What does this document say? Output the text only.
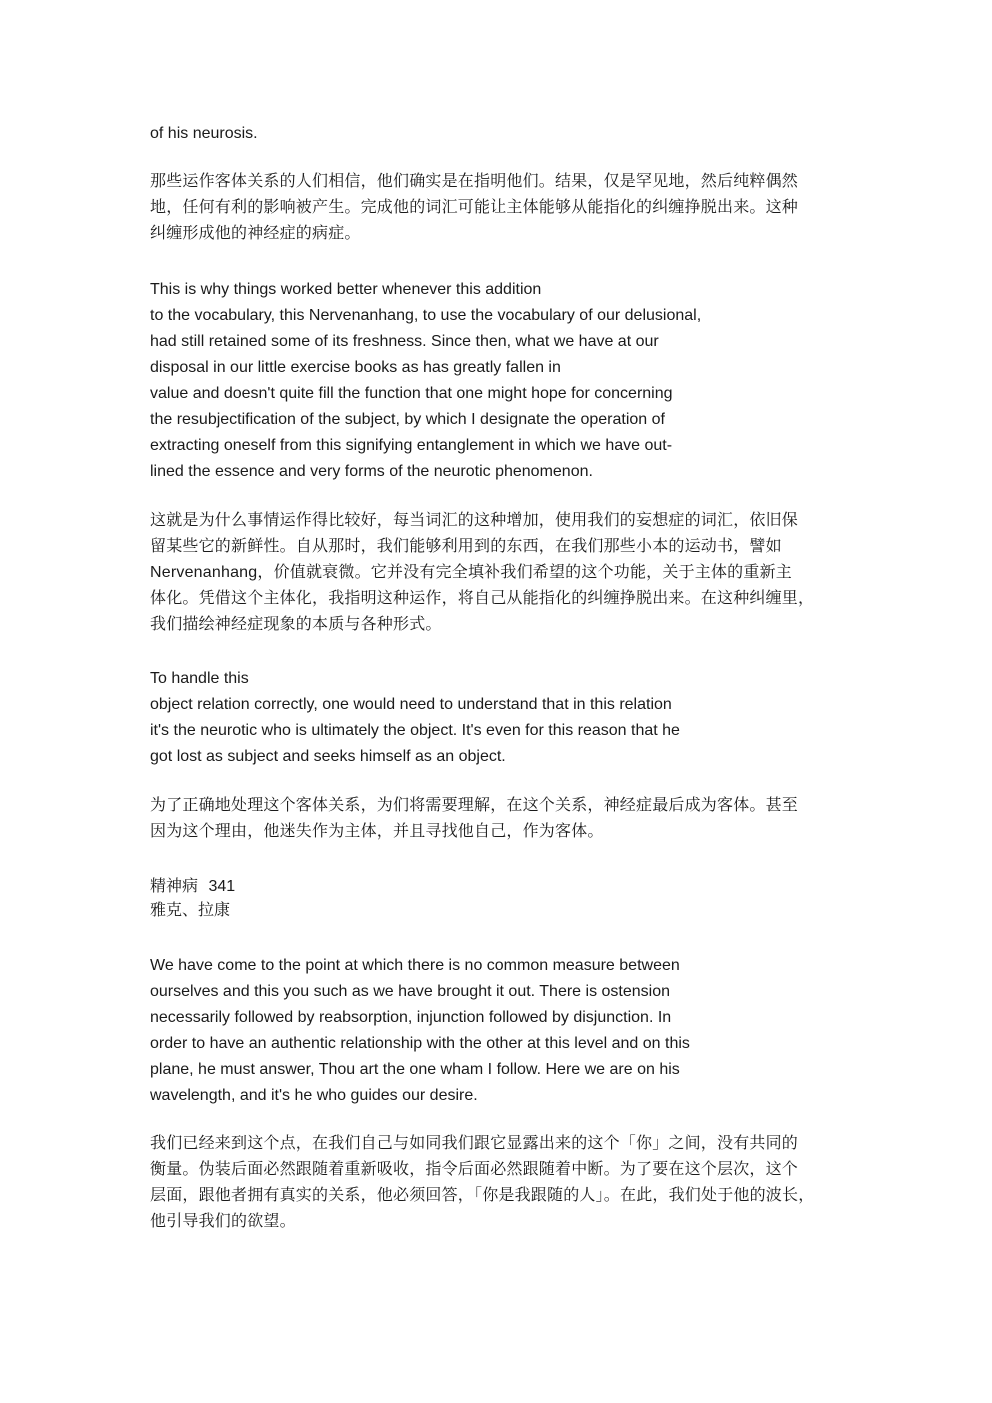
of his neurosis.

那些运作客体关系的人们相信，他们确实是在指明他们。结果，仅是罕见地，然后纯粹偶然
地，任何有利的影响被产生。完成他的词汇可能让主体能够从能指化的纠缠挣脱出来。这种
纠缠形成他的神经症的病症。

This is why things worked better whenever this addition
to the vocabulary, this Nervenanhang, to use the vocabulary of our delusional,
had still retained some of its freshness. Since then, what we have at our
disposal in our little exercise books as has greatly fallen in
value and doesn't quite fill the function that one might hope for concerning
the resubjectification of the subject, by which I designate the operation of
extracting oneself from this signifying entanglement in which we have out-
lined the essence and very forms of the neurotic phenomenon.

这就是为什么事情运作得比较好，每当词汇的这种增加，使用我们的妄想症的词汇，依旧保
留某些它的新鲜性。自从那时，我们能够利用到的东西，在我们那些小本的运动书，譬如
Nervenanhang，价值就衰微。它并没有完全填补我们希望的这个功能，关于主体的重新主
体化。凭借这个主体化，我指明这种运作，将自己从能指化的纠缠挣脱出来。在这种纠缠里，
我们描绘神经症现象的本质与各种形式。

To handle this
object relation correctly, one would need to understand that in this relation
it's the neurotic who is ultimately the object. It's even for this reason that he
got lost as subject and seeks himself as an object.

为了正确地处理这个客体关系，为们将需要理解，在这个关系，神经症最后成为客体。甚至
因为这个理由，他迷失作为主体，并且寻找他自己，作为客体。

精神病 341
雅克、拉康

We have come to the point at which there is no common measure between
ourselves and this you such as we have brought it out. There is ostension
necessarily followed by reabsorption, injunction followed by disjunction. In
order to have an authentic relationship with the other at this level and on this
plane, he must answer, Thou art the one wham I follow. Here we are on his
wavelength, and it's he who guides our desire.

我们已经来到这个点，在我们自己与如同我们跟它显露出来的这个「你」之间，没有共同的
衡量。伪装后面必然跟随着重新吸收，指令后面必然跟随着中断。为了要在这个层次，这个
层面，跟他者拥有真实的关系，他必须回答，「你是我跟随的人」。在此，我们处于他的波长，
他引导我们的欲望。
